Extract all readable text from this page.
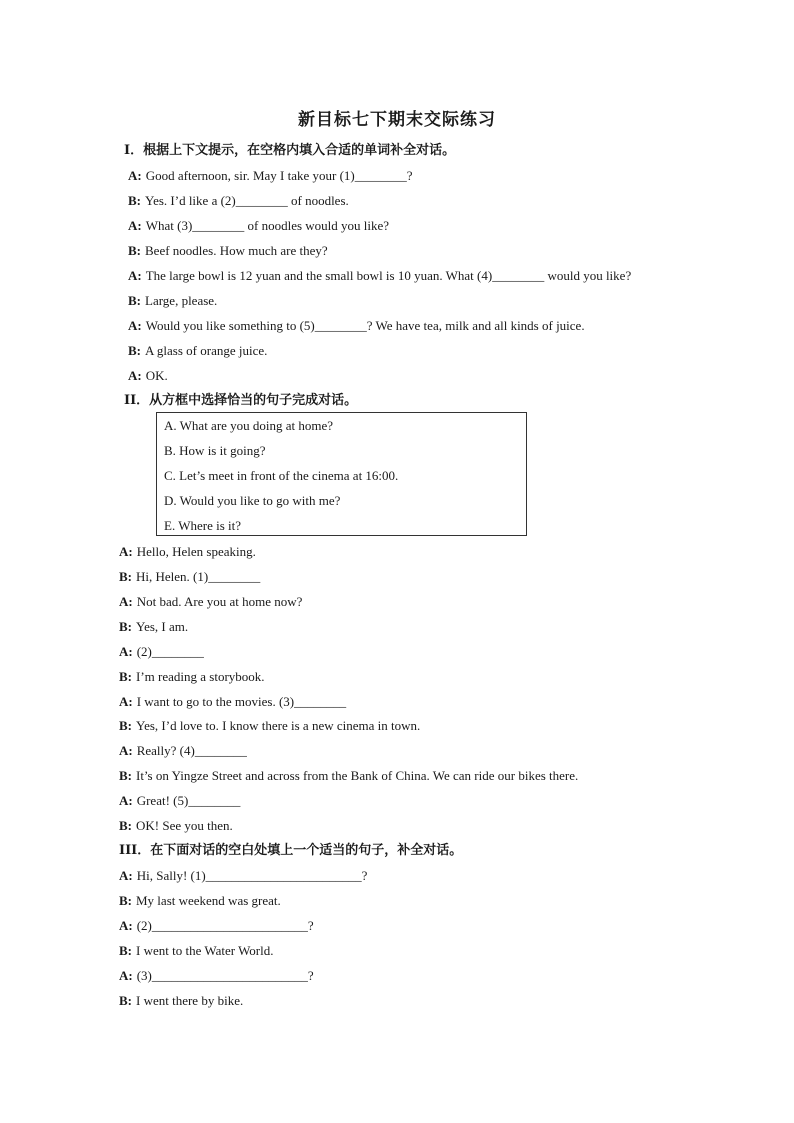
新目标七下期末交际练习
I．根据上下文提示，在空格内填入合适的单词补全对话。
A: Good afternoon, sir. May I take your (1)________?
B: Yes. I’d like a (2)________ of noodles.
A: What (3)________ of noodles would you like?
B: Beef noodles. How much are they?
A: The large bowl is 12 yuan and the small bowl is 10 yuan. What (4)________ would you like?
B: Large, please.
A: Would you like something to (5)________? We have tea, milk and all kinds of juice.
B: A glass of orange juice.
A: OK.
II．从方框中选择恰当的句子完成对话。
A. What are you doing at home?
B. How is it going?
C. Let’s meet in front of the cinema at 16:00.
D. Would you like to go with me?
E. Where is it?
A: Hello, Helen speaking.
B: Hi, Helen. (1)________
A: Not bad. Are you at home now?
B: Yes, I am.
A: (2)________
B: I’m reading a storybook.
A: I want to go to the movies. (3)________
B: Yes, I’d love to. I know there is a new cinema in town.
A: Really? (4)________
B: It’s on Yingze Street and across from the Bank of China. We can ride our bikes there.
A: Great! (5)________
B: OK! See you then.
III．在下面对话的空白处填上一个适当的句子，补全对话。
A: Hi, Sally! (1)________________________?
B: My last weekend was great.
A: (2)________________________?
B: I went to the Water World.
A: (3)________________________?
B: I went there by bike.
